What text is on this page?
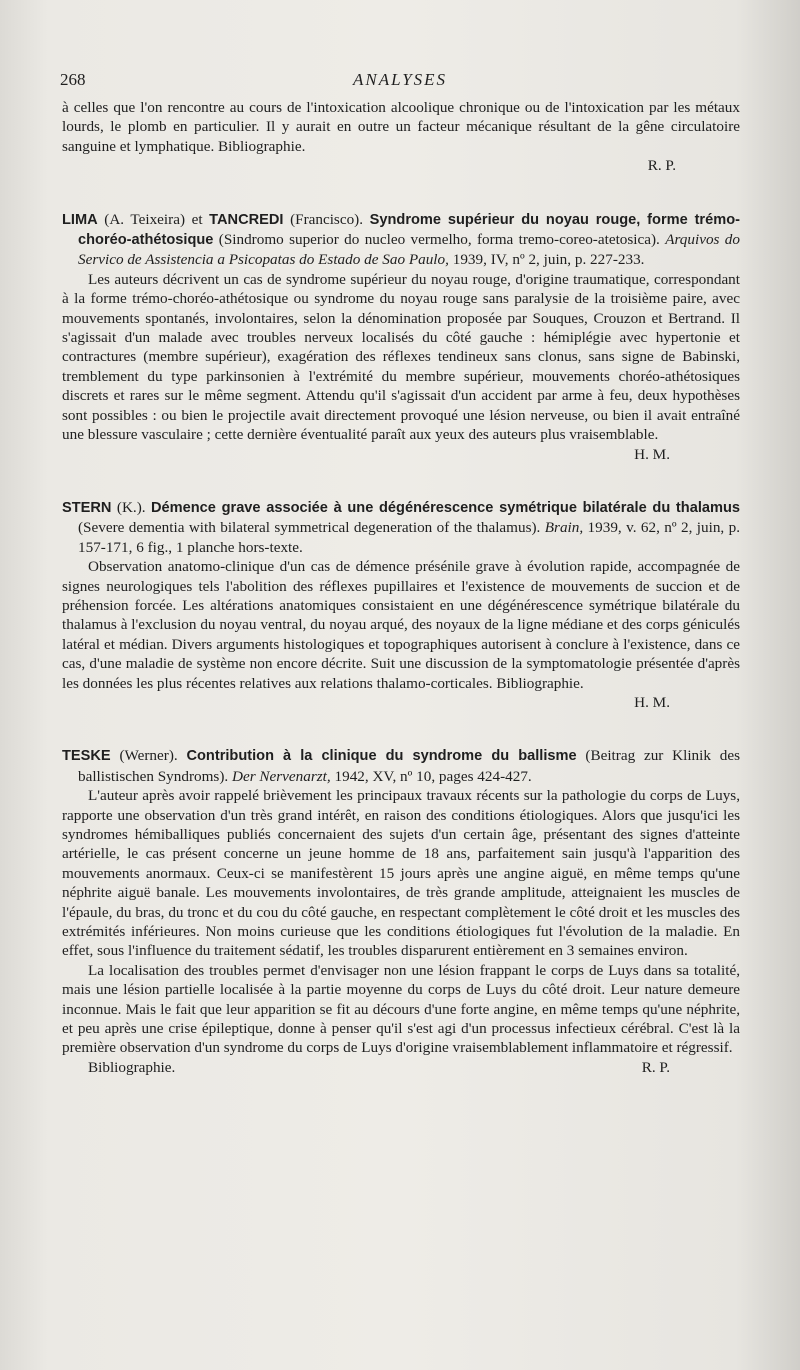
268	ANALYSES

à celles que l'on rencontre au cours de l'intoxication alcoolique chronique ou de l'intoxication par les métaux lourds, le plomb en particulier. Il y aurait en outre un facteur mécanique résultant de la gêne circulatoire sanguine et lymphatique. Bibliographie.

R. P.

LIMA (A. Teixeira) et TANCREDI (Francisco). Syndrome supérieur du noyau rouge, forme trémo-choréo-athétosique (Sindromo superior do nucleo vermelho, forma tremo-coreo-atetosica). Arquivos do Servico de Assistencia a Psicopatas do Estado de Sao Paulo, 1939, IV, nº 2, juin, p. 227-233.

Les auteurs décrivent un cas de syndrome supérieur du noyau rouge, d'origine traumatique, correspondant à la forme trémo-choréo-athétosique ou syndrome du noyau rouge sans paralysie de la troisième paire, avec mouvements spontanés, involontaires, selon la dénomination proposée par Souques, Crouzon et Bertrand. Il s'agissait d'un malade avec troubles nerveux localisés du côté gauche : hémiplégie avec hypertonie et contractures (membre supérieur), exagération des réflexes tendineux sans clonus, sans signe de Babinski, tremblement du type parkinsonien à l'extrémité du membre supérieur, mouvements choréo-athétosiques discrets et rares sur le même segment. Attendu qu'il s'agissait d'un accident par arme à feu, deux hypothèses sont possibles : ou bien le projectile avait directement provoqué une lésion nerveuse, ou bien il avait entraîné une blessure vasculaire ; cette dernière éventualité paraît aux yeux des auteurs plus vraisemblable.

H. M.

STERN (K.). Démence grave associée à une dégénérescence symétrique bilatérale du thalamus (Severe dementia with bilateral symmetrical degeneration of the thalamus). Brain, 1939, v. 62, nº 2, juin, p. 157-171, 6 fig., 1 planche hors-texte.

Observation anatomo-clinique d'un cas de démence présénile grave à évolution rapide, accompagnée de signes neurologiques tels l'abolition des réflexes pupillaires et l'existence de mouvements de succion et de préhension forcée. Les altérations anatomiques consistaient en une dégénérescence symétrique bilatérale du thalamus à l'exclusion du noyau ventral, du noyau arqué, des noyaux de la ligne médiane et des corps géniculés latéral et médian. Divers arguments histologiques et topographiques autorisent à conclure à l'existence, dans ce cas, d'une maladie de système non encore décrite. Suit une discussion de la symptomatologie présentée d'après les données les plus récentes relatives aux relations thalamo-corticales. Bibliographie.

H. M.

TESKE (Werner). Contribution à la clinique du syndrome du ballisme (Beitrag zur Klinik des ballistischen Syndroms). Der Nervenarzt, 1942, XV, nº 10, pages 424-427.

L'auteur après avoir rappelé brièvement les principaux travaux récents sur la pathologie du corps de Luys, rapporte une observation d'un très grand intérêt, en raison des conditions étiologiques. Alors que jusqu'ici les syndromes hémiballiques publiés concernaient des sujets d'un certain âge, présentant des signes d'atteinte artérielle, le cas présent concerne un jeune homme de 18 ans, parfaitement sain jusqu'à l'apparition des mouvements anormaux. Ceux-ci se manifestèrent 15 jours après une angine aiguë, en même temps qu'une néphrite aiguë banale. Les mouvements involontaires, de très grande amplitude, atteignaient les muscles de l'épaule, du bras, du tronc et du cou du côté gauche, en respectant complètement le côté droit et les muscles des extrémités inférieures. Non moins curieuse que les conditions étiologiques fut l'évolution de la maladie. En effet, sous l'influence du traitement sédatif, les troubles disparurent entièrement en 3 semaines environ.

La localisation des troubles permet d'envisager non une lésion frappant le corps de Luys dans sa totalité, mais une lésion partielle localisée à la partie moyenne du corps de Luys du côté droit. Leur nature demeure inconnue. Mais le fait que leur apparition se fit au décours d'une forte angine, en même temps qu'une néphrite, et peu après une crise épileptique, donne à penser qu'il s'est agi d'un processus infectieux cérébral. C'est là la première observation d'un syndrome du corps de Luys d'origine vraisemblablement inflammatoire et régressif.

Bibliographie.	R. P.
